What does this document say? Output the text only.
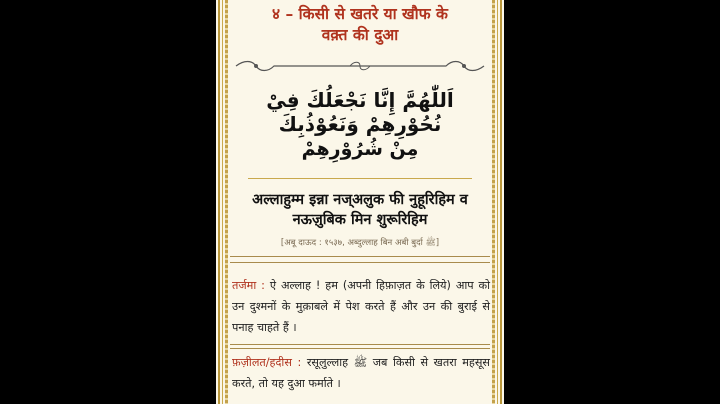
४ – किसी से खतरे या खौफ के
वक़्त की दुआ
اَللّٰهُمَّ إِنَّا نَجْعَلُكَ فِيْ نُحُوْرِهِمْ وَنَعُوْذُبِكَ
مِنْ شُرُوْرِهِمْ
अल्लाहुम्म इन्ना नज्अलुक फी नुहूरिहिम व
नऊज़ुबिक मिन शुरूरिहिम
[अबू दाऊद : १५३७, अब्दुल्लाह बिन अबी बुर्दा ﷺ]
तर्जमा : ऐ अल्लाह ! हम (अपनी हिफ़ाज़त के लिये) आप को उन दुश्मनों के मुक़ाबले में पेश करते हैं और उन की बुराई से पनाह चाहते हैं ।
फ़ज़ीलत/हदीस : रसूलुल्लाह ﷺ जब किसी से खतरा महसूस करते, तो यह दुआ फर्माते ।
